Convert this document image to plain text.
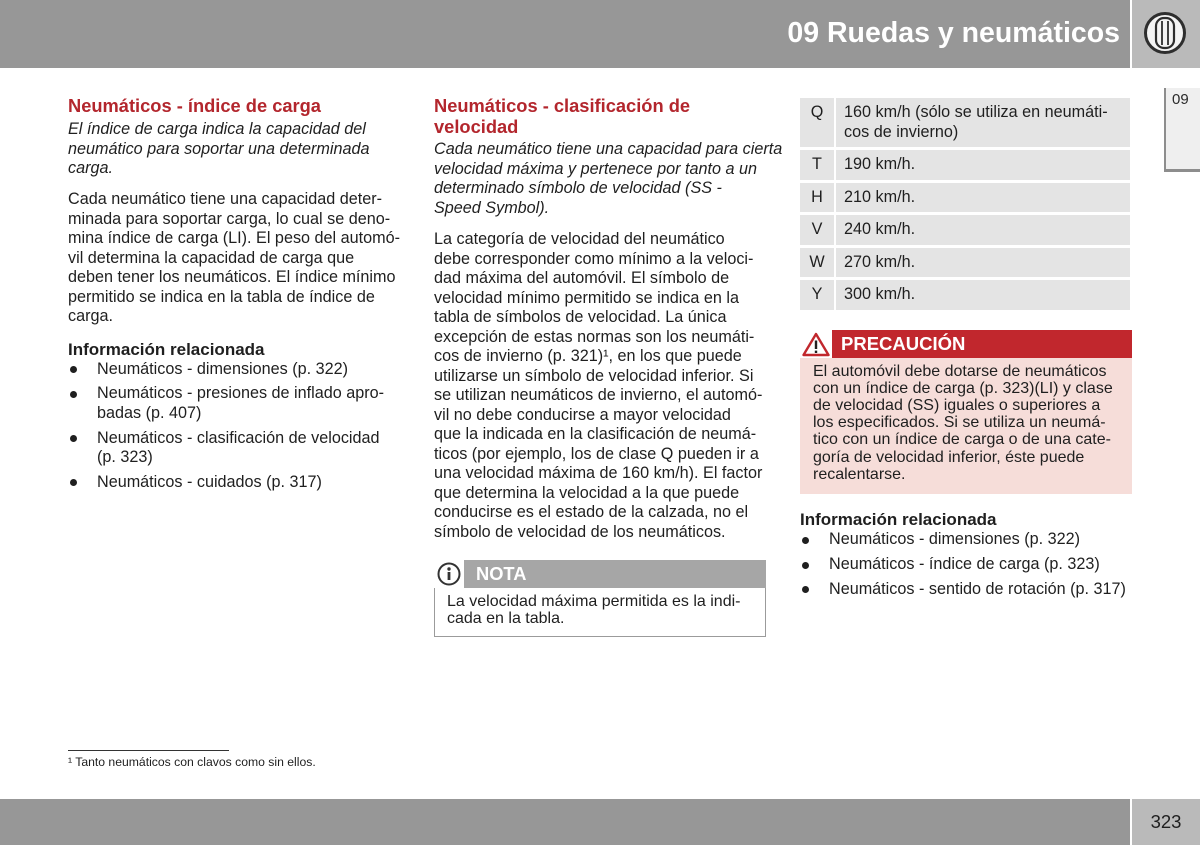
09 Ruedas y neumáticos
09
Neumáticos - índice de carga
El índice de carga indica la capacidad del
neumático para soportar una determinada
carga.
Cada neumático tiene una capacidad deter-
minada para soportar carga, lo cual se deno-
mina índice de carga (LI). El peso del automó-
vil determina la capacidad de carga que
deben tener los neumáticos. El índice mínimo
permitido se indica en la tabla de índice de
carga.
Información relacionada
Neumáticos - dimensiones (p. 322)
Neumáticos - presiones de inflado apro-
badas (p. 407)
Neumáticos - clasificación de velocidad
(p. 323)
Neumáticos - cuidados (p. 317)
Neumáticos - clasificación de
velocidad
Cada neumático tiene una capacidad para cierta
velocidad máxima y pertenece por tanto a un
determinado símbolo de velocidad (SS -
Speed Symbol).
La categoría de velocidad del neumático
debe corresponder como mínimo a la veloci-
dad máxima del automóvil. El símbolo de
velocidad mínimo permitido se indica en la
tabla de símbolos de velocidad. La única
excepción de estas normas son los neumáti-
cos de invierno (p. 321)¹, en los que puede
utilizarse un símbolo de velocidad inferior. Si
se utilizan neumáticos de invierno, el automó-
vil no debe conducirse a mayor velocidad
que la indicada en la clasificación de neumá-
ticos (por ejemplo, los de clase Q pueden ir a
una velocidad máxima de 160 km/h). El factor
que determina la velocidad a la que puede
conducirse es el estado de la calzada, no el
símbolo de velocidad de los neumáticos.
NOTA
La velocidad máxima permitida es la indi-
cada en la tabla.
Q	160 km/h (sólo se utiliza en neumáti-
cos de invierno)
T	190 km/h.
H	210 km/h.
V	240 km/h.
W	270 km/h.
Y	300 km/h.
PRECAUCIÓN
El automóvil debe dotarse de neumáticos
con un índice de carga (p. 323)(LI) y clase
de velocidad (SS) iguales o superiores a
los especificados. Si se utiliza un neumá-
tico con un índice de carga o de una cate-
goría de velocidad inferior, éste puede
recalentarse.
Información relacionada
Neumáticos - dimensiones (p. 322)
Neumáticos - índice de carga (p. 323)
Neumáticos - sentido de rotación (p. 317)
¹ Tanto neumáticos con clavos como sin ellos.
323
